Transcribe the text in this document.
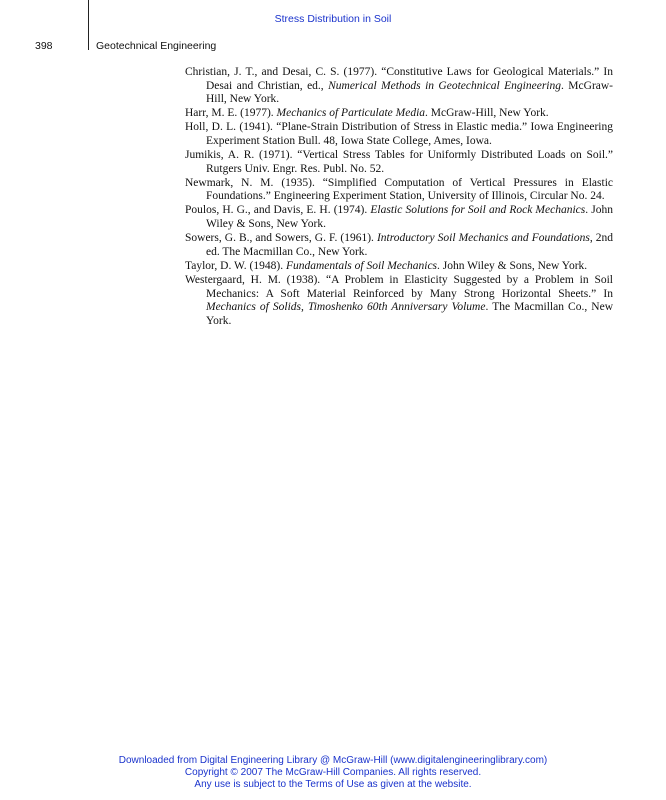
Stress Distribution in Soil
398	Geotechnical Engineering

Christian, J. T., and Desai, C. S. (1977). “Constitutive Laws for Geological Materials.” In Desai and Christian, ed., Numerical Methods in Geotechnical Engineering. McGraw-Hill, New York.

Harr, M. E. (1977). Mechanics of Particulate Media. McGraw-Hill, New York.

Holl, D. L. (1941). “Plane-Strain Distribution of Stress in Elastic media.” Iowa Engineering Experiment Station Bull. 48, Iowa State College, Ames, Iowa.

Jumikis, A. R. (1971). “Vertical Stress Tables for Uniformly Distributed Loads on Soil.” Rutgers Univ. Engr. Res. Publ. No. 52.

Newmark, N. M. (1935). “Simplified Computation of Vertical Pressures in Elastic Foundations.” Engineering Experiment Station, University of Illinois, Circular No. 24.

Poulos, H. G., and Davis, E. H. (1974). Elastic Solutions for Soil and Rock Mechanics. John Wiley & Sons, New York.

Sowers, G. B., and Sowers, G. F. (1961). Introductory Soil Mechanics and Foundations, 2nd ed. The Macmillan Co., New York.

Taylor, D. W. (1948). Fundamentals of Soil Mechanics. John Wiley & Sons, New York.

Westergaard, H. M. (1938). “A Problem in Elasticity Suggested by a Problem in Soil Mechanics: A Soft Material Reinforced by Many Strong Horizontal Sheets.” In Mechanics of Solids, Timoshenko 60th Anniversary Volume. The Macmillan Co., New York.

Downloaded from Digital Engineering Library @ McGraw-Hill (www.digitalengineeringlibrary.com)
Copyright © 2007 The McGraw-Hill Companies. All rights reserved.
Any use is subject to the Terms of Use as given at the website.
